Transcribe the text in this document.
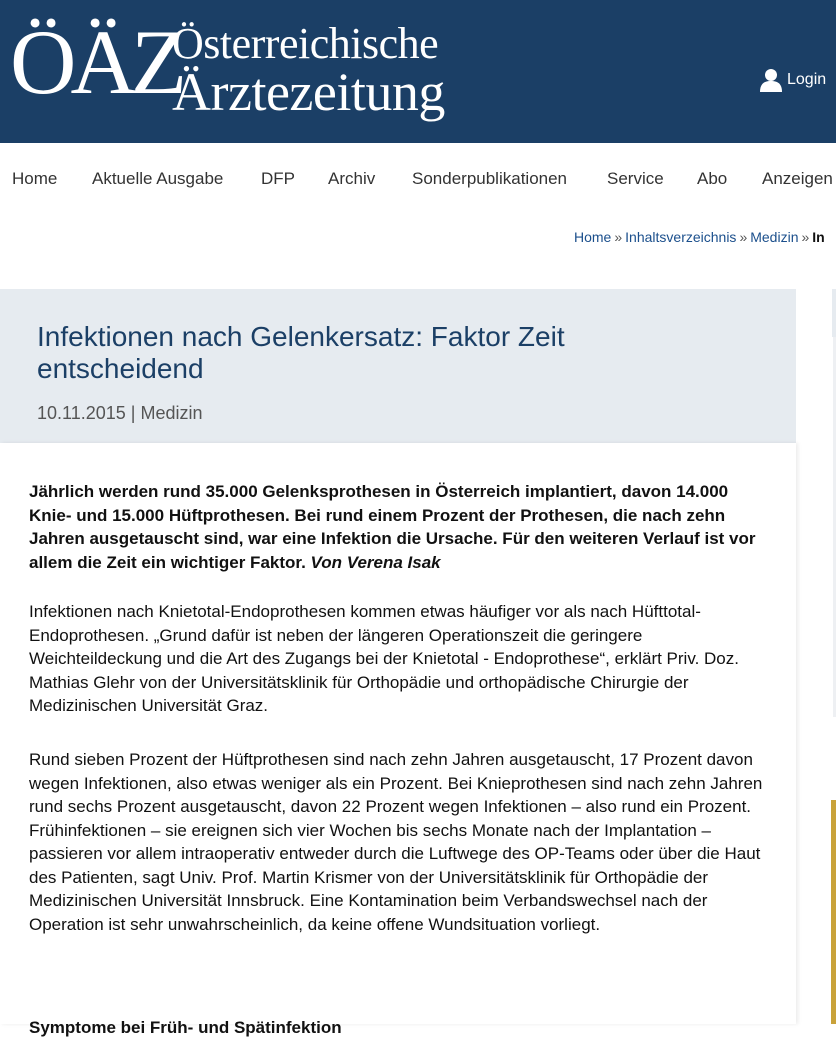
ÖÄZ
Österreichische
Ärztezeitung	Login
Home Aktuelle Ausgabe DFP Archiv Sonderpublikationen Service Abo Anzeigen
Home » Inhaltsverzeichnis » Medizin » In
Infektionen nach Gelenkersatz: Faktor Zeit entscheidend
10.11.2015 | Medizin

Jährlich werden rund 35.000 Gelenksprothesen in Österreich implantiert, davon 14.000 Knie- und 15.000 Hüftprothesen. Bei rund einem Prozent der Prothesen, die nach zehn Jahren ausgetauscht sind, war eine Infektion die Ursache. Für den weiteren Verlauf ist vor allem die Zeit ein wichtiger Faktor. Von Verena Isak

Infektionen nach Knietotal-Endoprothesen kommen etwas häufiger vor als nach Hüfttotal-Endoprothesen. „Grund dafür ist neben der längeren Operationszeit die geringere Weichteildeckung und die Art des Zugangs bei der Knietotal - Endoprothese“, erklärt Priv. Doz. Mathias Glehr von der Universitätsklinik für Orthopädie und orthopädische Chirurgie der Medizinischen Universität Graz.

Rund sieben Prozent der Hüftprothesen sind nach zehn Jahren ausgetauscht, 17 Prozent davon wegen Infektionen, also etwas weniger als ein Prozent. Bei Knieprothesen sind nach zehn Jahren rund sechs Prozent ausgetauscht, davon 22 Prozent wegen Infektionen – also rund ein Prozent. Frühinfektionen – sie ereignen sich vier Wochen bis sechs Monate nach der Implantation – passieren vor allem intraoperativ entweder durch die Luftwege des OP-Teams oder über die Haut des Patienten, sagt Univ. Prof. Martin Krismer von der Universitätsklinik für Orthopädie der Medizinischen Universität Innsbruck. Eine Kontamination beim Verbandswechsel nach der Operation ist sehr unwahrscheinlich, da keine offene Wundsituation vorliegt.

Symptome bei Früh- und Spätinfektion
